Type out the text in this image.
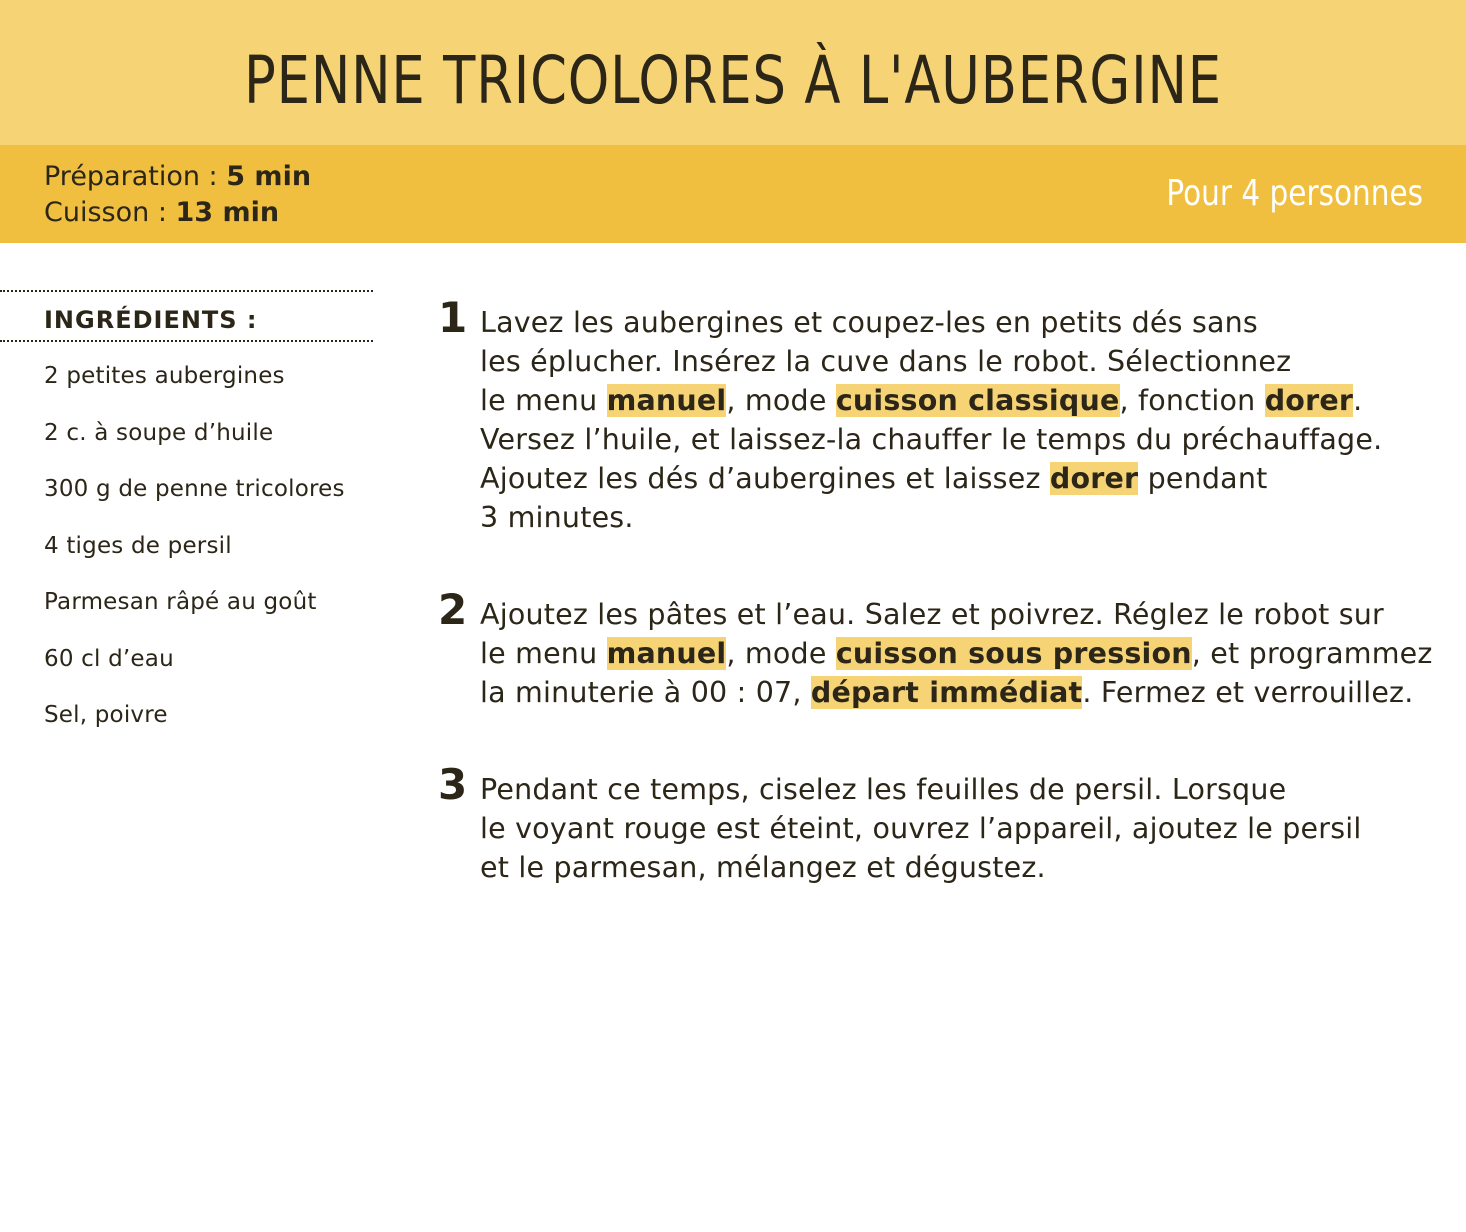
PENNE TRICOLORES À L'AUBERGINE
Préparation : 5 min
Cuisson : 13 min	Pour 4 personnes
INGRÉDIENTS :
2 petites aubergines
2 c. à soupe d’huile
300 g de penne tricolores
4 tiges de persil
Parmesan râpé au goût
60 cl d’eau
Sel, poivre
1 Lavez les aubergines et coupez-les en petits dés sans
les éplucher. Insérez la cuve dans le robot. Sélectionnez
le menu manuel, mode cuisson classique, fonction dorer.
Versez l’huile, et laissez-la chauffer le temps du préchauffage.
Ajoutez les dés d’aubergines et laissez dorer pendant
3 minutes.
2 Ajoutez les pâtes et l’eau. Salez et poivrez. Réglez le robot sur
le menu manuel, mode cuisson sous pression, et programmez
la minuterie à 00 : 07, départ immédiat. Fermez et verrouillez.
3 Pendant ce temps, ciselez les feuilles de persil. Lorsque
le voyant rouge est éteint, ouvrez l’appareil, ajoutez le persil
et le parmesan, mélangez et dégustez.
